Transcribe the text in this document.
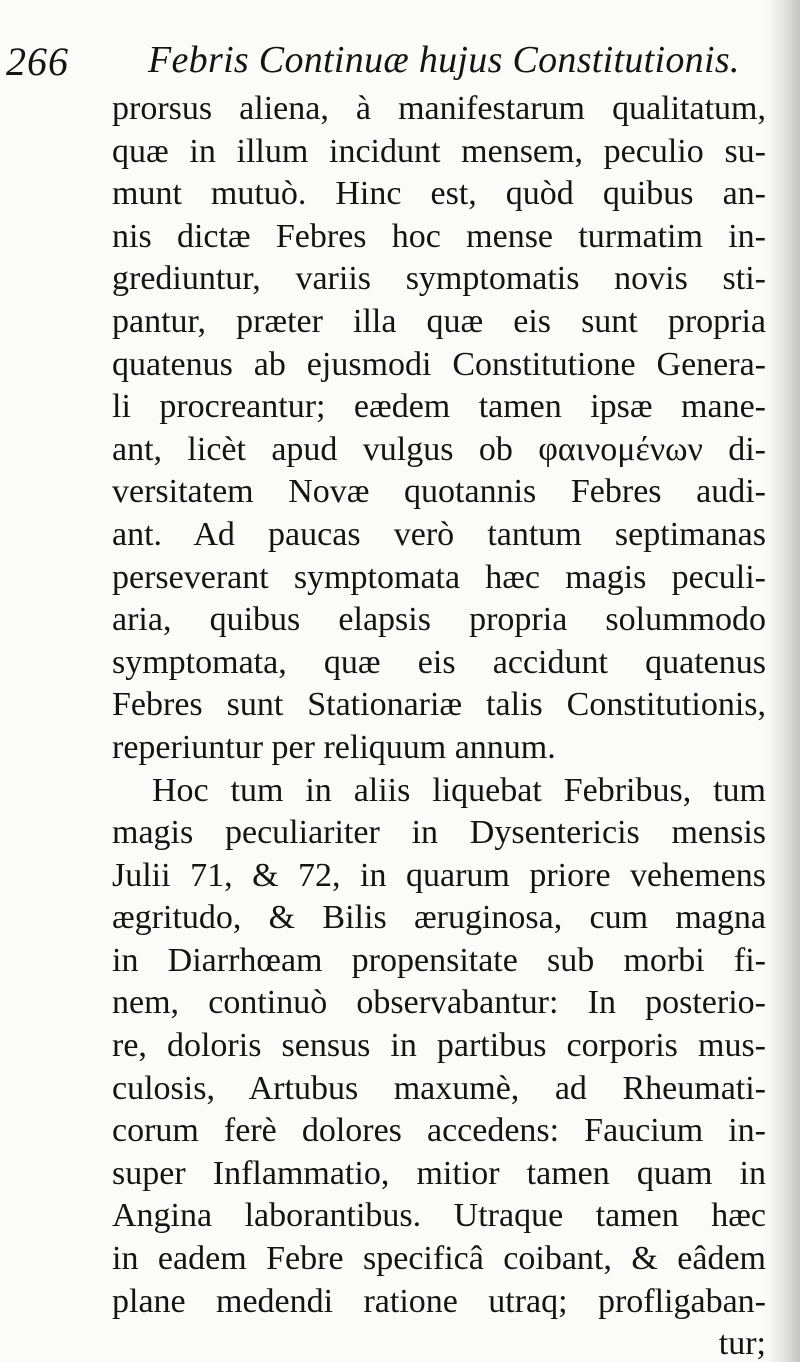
266 Febris Continuæ hujus Constitutionis.
prorsus aliena, à manifestarum qualitatum,
quæ in illum incidunt mensem, peculio su-
munt mutuò. Hinc est, quòd quibus an-
nis dictæ Febres hoc mense turmatim in-
grediuntur, variis symptomatis novis sti-
pantur, præter illa quæ eis sunt propria
quatenus ab ejusmodi Constitutione Genera-
li procreantur; eædem tamen ipsæ mane-
ant, licèt apud vulgus ob φαινομένων di-
versitatem Novæ quotannis Febres audi-
ant. Ad paucas verò tantum septimanas
perseverant symptomata hæc magis peculi-
aria, quibus elapsis propria solummodo
symptomata, quæ eis accidunt quatenus
Febres sunt Stationariæ talis Constitutionis,
reperiuntur per reliquum annum.
Hoc tum in aliis liquebat Febribus, tum
magis peculiariter in Dysentericis mensis
Julii 71, & 72, in quarum priore vehemens
ægritudo, & Bilis æruginosa, cum magna
in Diarrhœam propensitate sub morbi fi-
nem, continuò observabantur: In posterio-
re, doloris sensus in partibus corporis mus-
culosis, Artubus maxumè, ad Rheumati-
corum ferè dolores accedens: Faucium in-
super Inflammatio, mitior tamen quam in
Angina laborantibus. Utraque tamen hæc
in eadem Febre specificâ coibant, & eâdem
plane medendi ratione utraq; profligaban-
tur;
